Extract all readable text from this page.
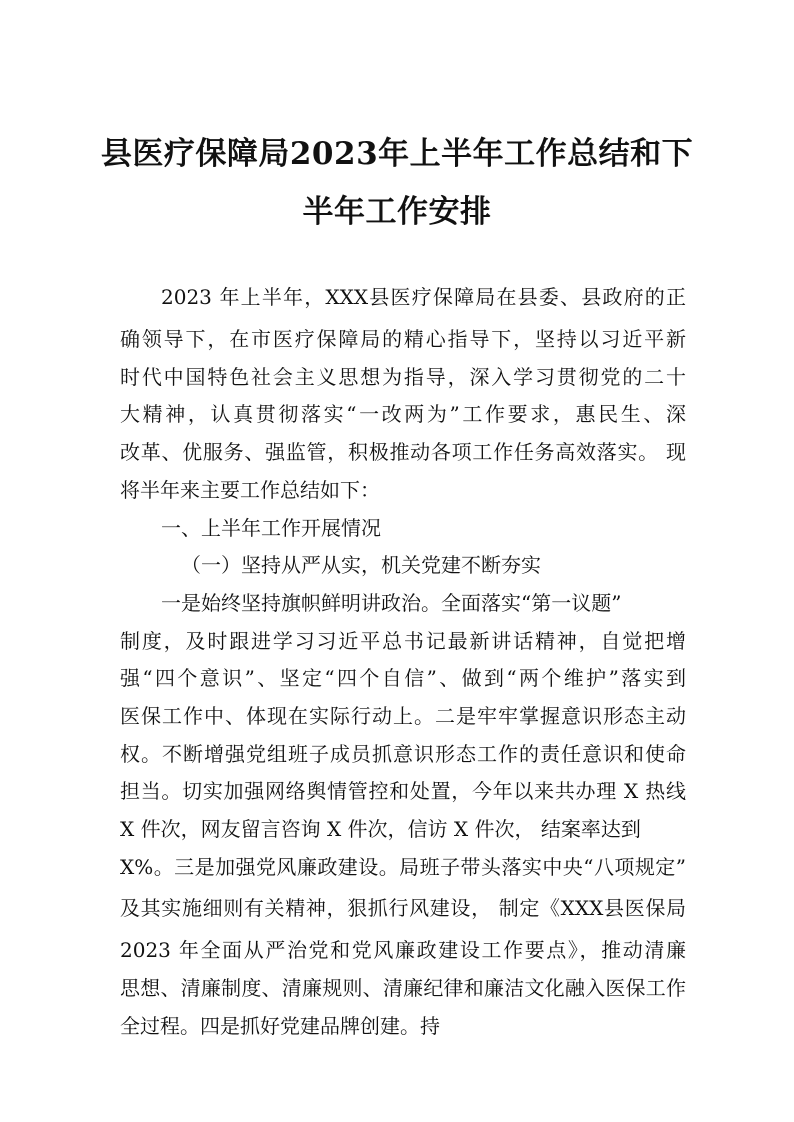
县医疗保障局2023年上半年工作总结和下
半年工作安排
2023 年上半年，XXX县医疗保障局在县委、县政府的正
确领导下，在市医疗保障局的精心指导下，坚持以习近平新
时代中国特色社会主义思想为指导，深入学习贯彻党的二十
大精神，认真贯彻落实“一改两为”工作要求，惠民生、深
改革、优服务、强监管，积极推动各项工作任务高效落实。 现
将半年来主要工作总结如下：
一、上半年工作开展情况
（一）坚持从严从实，机关党建不断夯实
一是始终坚持旗帜鲜明讲政治。全面落实“第一议题”
制度，及时跟进学习习近平总书记最新讲话精神，自觉把增
强“四个意识”、坚定“四个自信”、做到“两个维护”落实到
医保工作中、体现在实际行动上。二是牢牢掌握意识形态主动
权。不断增强党组班子成员抓意识形态工作的责任意识和使命
担当。切实加强网络舆情管控和处置，今年以来共办理 X 热线
X 件次，网友留言咨询 X 件次，信访 X 件次， 结案率达到
X%。三是加强党风廉政建设。局班子带头落实中央“八项规定”
及其实施细则有关精神，狠抓行风建设， 制定《XXX县医保局
2023 年全面从严治党和党风廉政建设工作要点》，推动清廉
思想、清廉制度、清廉规则、清廉纪律和廉洁文化融入医保工作
全过程。四是抓好党建品牌创建。持
